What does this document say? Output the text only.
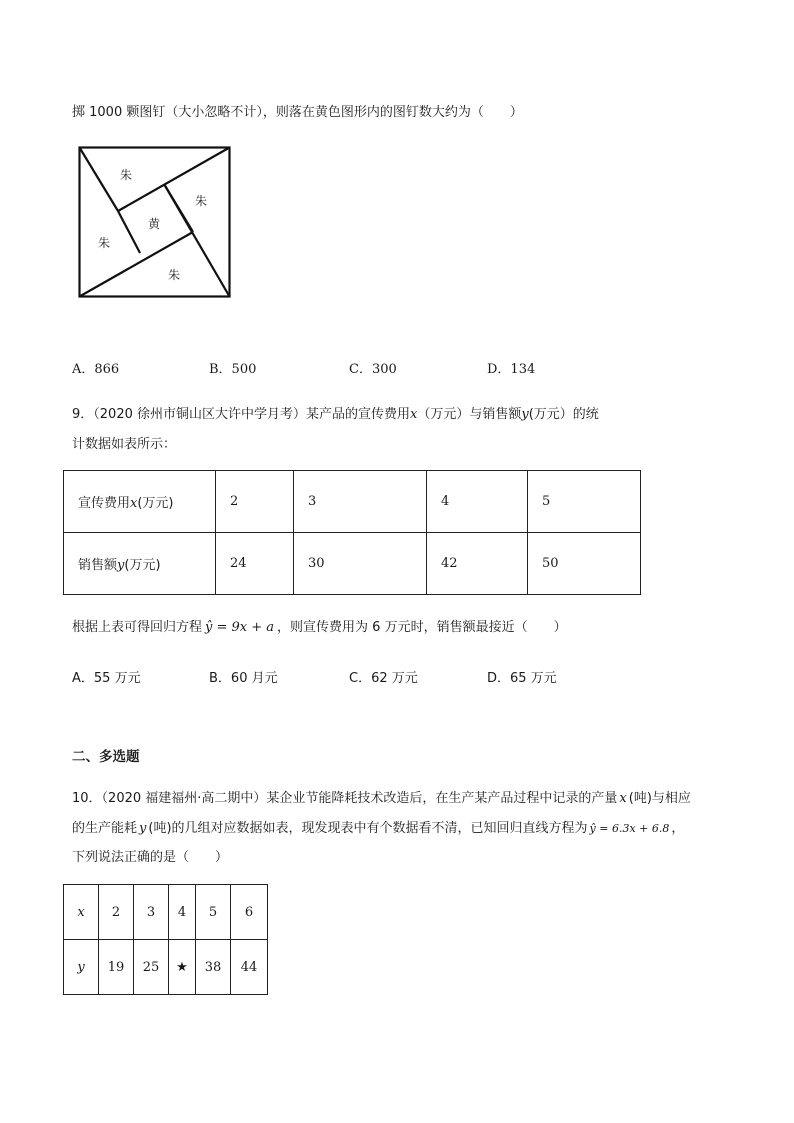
掷 1000 颗图钉（大小忽略不计），则落在黄色图形内的图钉数大约为（　　）
朱
朱
黄
朱
朱
A．866	B．500	C．300	D．134
9．（2020 徐州市铜山区大许中学月考）某产品的宣传费用x（万元）与销售额y(万元）的统
计数据如表所示：
宣传费用x(万元)	2	3	4	5
销售额y(万元)	24	30	42	50
根据上表可得回归方程 ŷ = 9x + a ，则宣传费用为 6 万元时，销售额最接近（　　）
A．55 万元	B．60 月元	C．62 万元	D．65 万元
二、多选题
10．（2020 福建福州·高二期中）某企业节能降耗技术改造后，在生产某产品过程中记录的产量 x (吨)与相应
的生产能耗 y (吨)的几组对应数据如表，现发现表中有个数据看不清，已知回归直线方程为 ŷ = 6.3x + 6.8 ，
下列说法正确的是（　　）
x	2	3	4	5	6
y	19	25	★	38	44
